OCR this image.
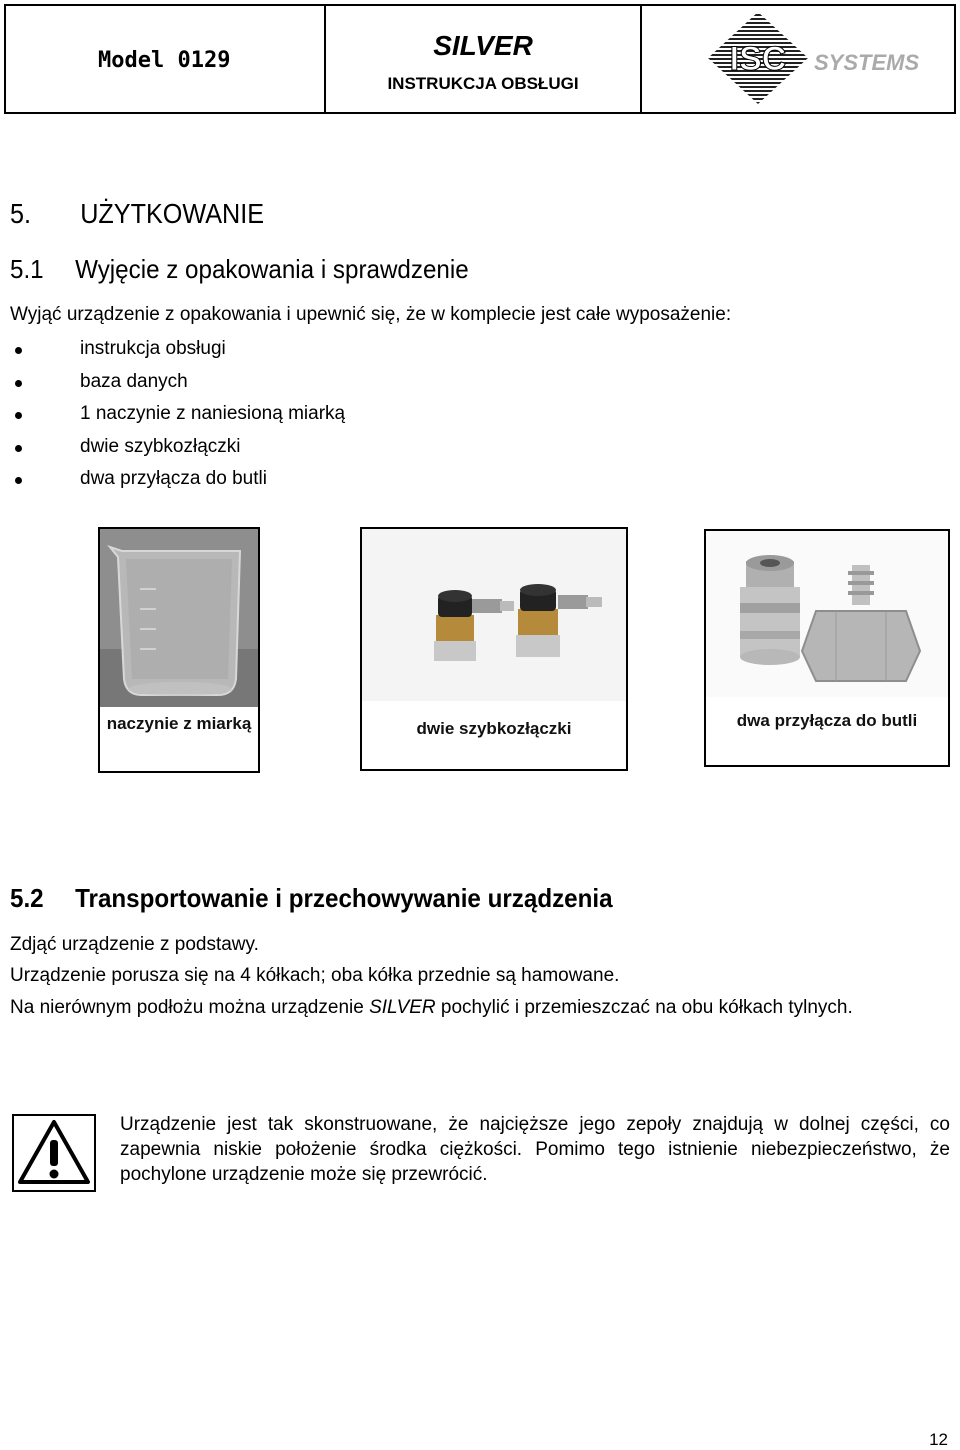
Model 0129	SILVER
INSTRUKCJA OBSŁUGI
ISC SYSTEMS
5. UŻYTKOWANIE
5.1 Wyjęcie z opakowania i sprawdzenie
Wyjąć urządzenie z opakowania i upewnić się, że w komplecie jest całe wyposażenie:
instrukcja obsługi
baza danych
1 naczynie z naniesioną miarką
dwie szybkozłączki
dwa przyłącza do butli
naczynie z miarką	dwie szybkozłączki	dwa przyłącza do butli
5.2 Transportowanie i przechowywanie urządzenia
Zdjąć urządzenie z podstawy.
Urządzenie porusza się na 4 kółkach; oba kółka przednie są hamowane.
Na nierównym podłożu można urządzenie SILVER pochylić i przemieszczać na obu kółkach tylnych.
Urządzenie jest tak skonstruowane, że najcięższe jego zepoły znajdują w dolnej części, co zapewnia niskie położenie środka ciężkości. Pomimo tego istnienie niebezpieczeństwo, że pochylone urządzenie może się przewrócić.
12
